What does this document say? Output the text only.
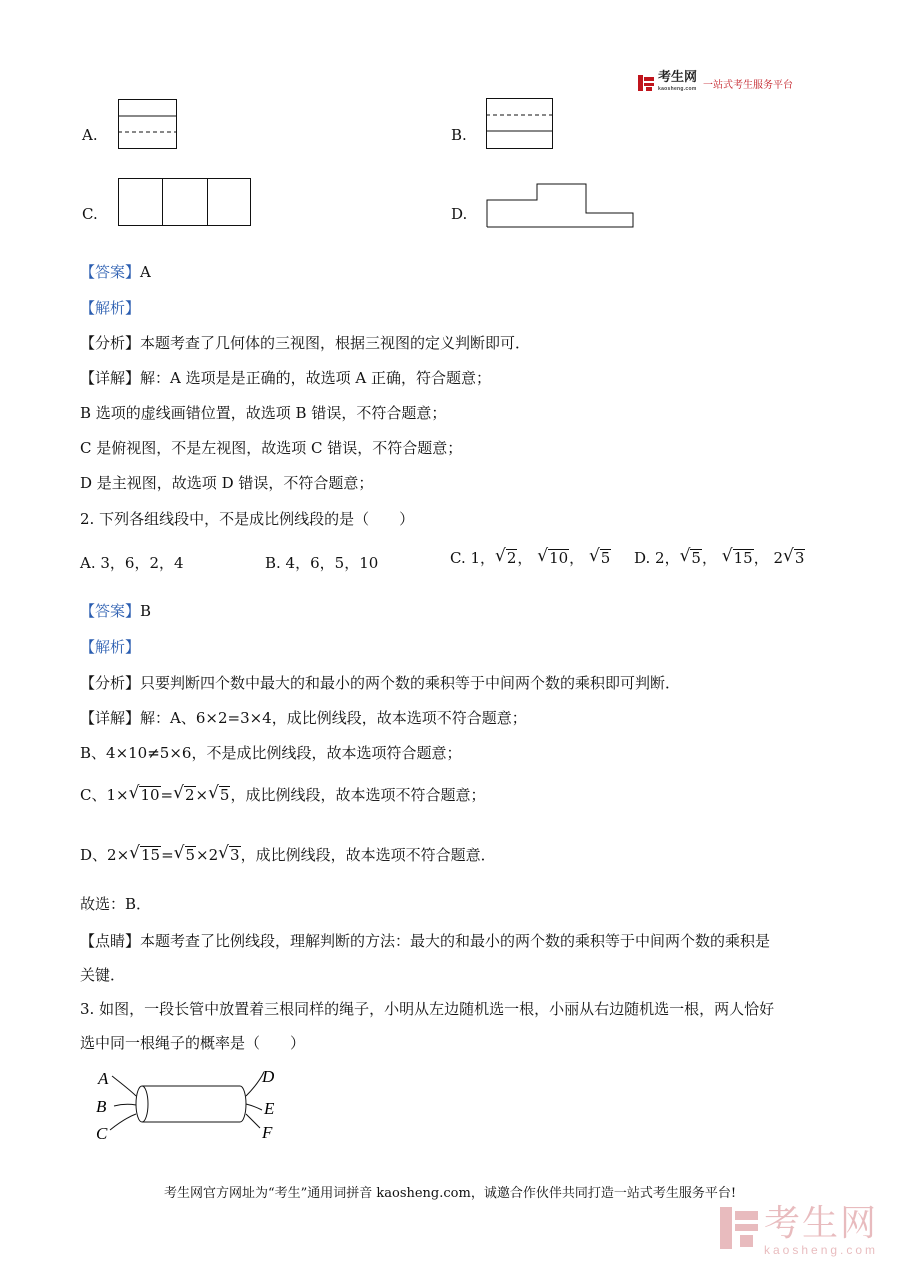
考生网
kaosheng.com 一站式考生服务平台
A.	B.
C.	D.
【答案】A
【解析】
【分析】本题考查了几何体的三视图，根据三视图的定义判断即可．
【详解】解：A 选项是是正确的，故选项 A 正确，符合题意；
B 选项的虚线画错位置，故选项 B 错误，不符合题意；
C 是俯视图，不是左视图，故选项 C 错误，不符合题意；
D 是主视图，故选项 D 错误，不符合题意；
2. 下列各组线段中，不是成比例线段的是（　　）
A. 3，6，2，4	B. 4，6，5，10	C. 1，√2， √10， √5 D. 2，√5， √15， 2√3
【答案】B
【解析】
【分析】只要判断四个数中最大的和最小的两个数的乘积等于中间两个数的乘积即可判断．
【详解】解：A、6×2=3×4，成比例线段，故本选项不符合题意；
B、4×10≠5×6，不是成比例线段，故本选项符合题意；
C、1×√10=√2×√5，成比例线段，故本选项不符合题意；
D、2×√15=√5×2√3，成比例线段，故本选项不符合题意．
故选：B．
【点睛】本题考查了比例线段，理解判断的方法：最大的和最小的两个数的乘积等于中间两个数的乘积是
关键．
3. 如图，一段长管中放置着三根同样的绳子，小明从左边随机选一根，小丽从右边随机选一根，两人恰好
选中同一根绳子的概率是（　　）
A
B
C
D
E
F
考生网官方网址为“考生”通用词拼音 kaosheng.com，诚邀合作伙伴共同打造一站式考生服务平台!
考生网
kaosheng.com
